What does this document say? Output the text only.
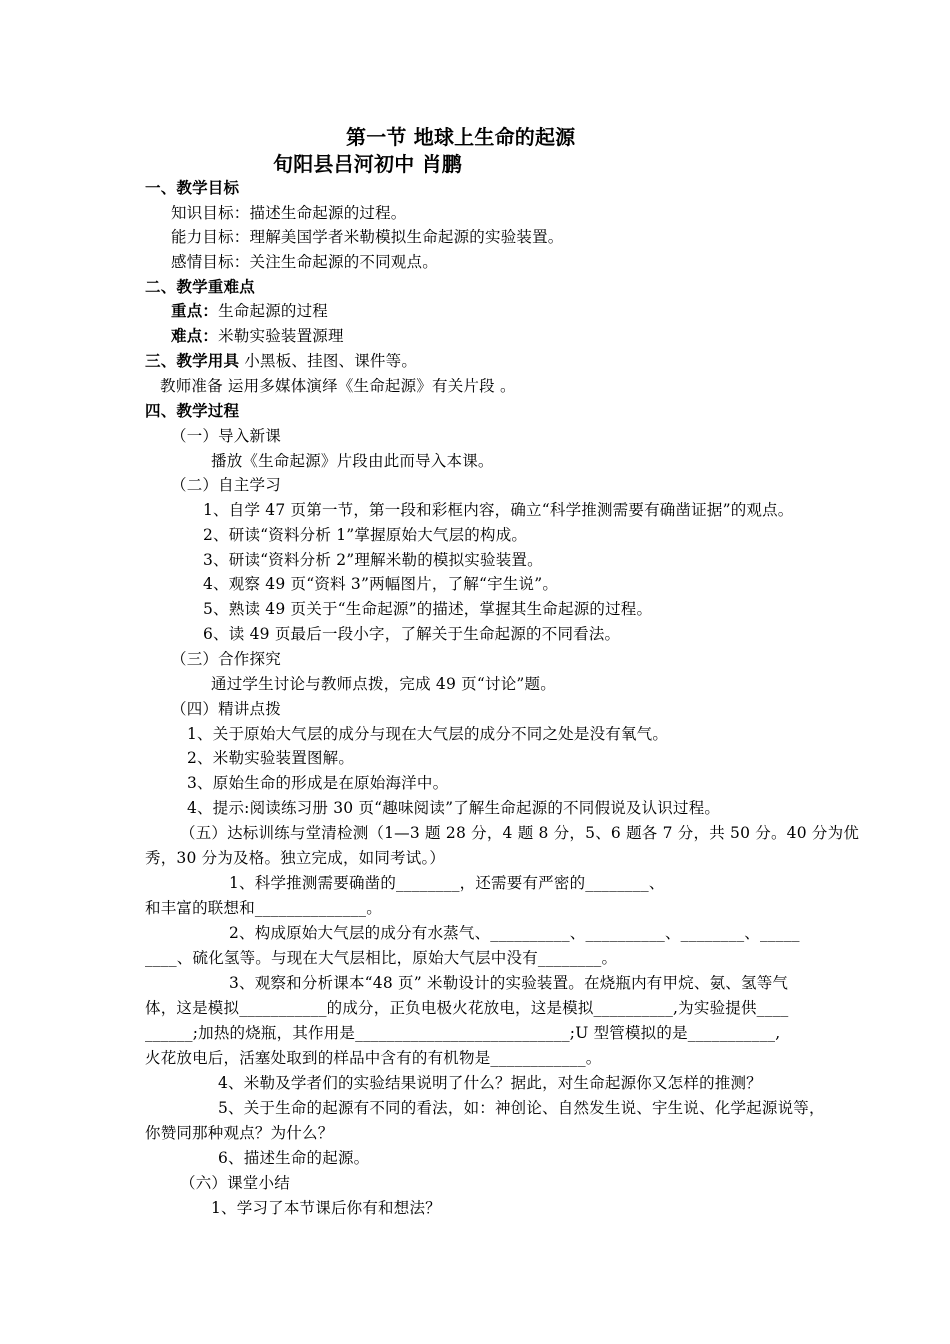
第一节 地球上生命的起源
旬阳县吕河初中 肖鹏
一、教学目标
知识目标：描述生命起源的过程。
能力目标：理解美国学者米勒模拟生命起源的实验装置。
感情目标：关注生命起源的不同观点。
二、教学重难点
重点：生命起源的过程
难点：米勒实验装置源理
三、教学用具 小黑板、挂图、课件等。
教师准备 运用多媒体演绎《生命起源》有关片段 。
四、教学过程
（一）导入新课
播放《生命起源》片段由此而导入本课。
（二）自主学习
1、自学 47 页第一节，第一段和彩框内容，确立“科学推测需要有确凿证据”的观点。
2、研读“资料分析 1”掌握原始大气层的构成。
3、研读“资料分析 2”理解米勒的模拟实验装置。
4、观察 49 页“资料 3”两幅图片，了解“宇生说”。
5、熟读 49 页关于“生命起源”的描述，掌握其生命起源的过程。
6、读 49 页最后一段小字，了解关于生命起源的不同看法。
（三）合作探究
通过学生讨论与教师点拨，完成 49 页“讨论”题。
（四）精讲点拨
1、关于原始大气层的成分与现在大气层的成分不同之处是没有氧气。
2、米勒实验装置图解。
3、原始生命的形成是在原始海洋中。
4、提示:阅读练习册 30 页“趣味阅读”了解生命起源的不同假说及认识过程。
（五）达标训练与堂清检测（1—3 题 28 分，4 题 8 分，5、6 题各 7 分，共 50 分。40 分为优
秀，30 分为及格。独立完成，如同考试。）
1、科学推测需要确凿的________，还需要有严密的________、
和丰富的联想和______________。
2、构成原始大气层的成分有水蒸气、__________、__________、________、_____
____、硫化氢等。与现在大气层相比，原始大气层中没有________。
3、观察和分析课本“48 页” 米勒设计的实验装置。在烧瓶内有甲烷、氨、氢等气
体，这是模拟___________的成分，正负电极火花放电，这是模拟__________,为实验提供____
______;加热的烧瓶，其作用是___________________________;U 型管模拟的是___________,
火花放电后，活塞处取到的样品中含有的有机物是____________。
4、米勒及学者们的实验结果说明了什么？据此，对生命起源你又怎样的推测？
5、关于生命的起源有不同的看法，如：神创论、自然发生说、宇生说、化学起源说等，
你赞同那种观点？为什么？
6、描述生命的起源。
（六）课堂小结
1、学习了本节课后你有和想法？
